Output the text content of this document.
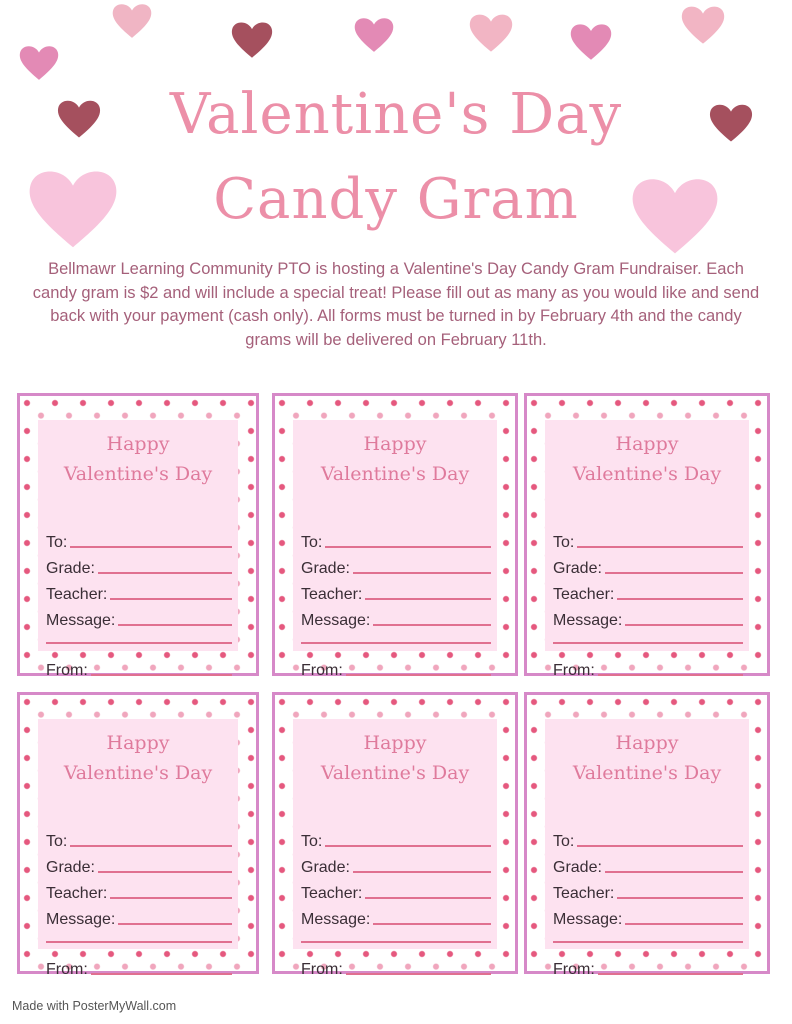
Valentine's Day
Candy Gram
Bellmawr Learning Community PTO is hosting a Valentine's Day Candy Gram Fundraiser. Each candy gram is $2 and will include a special treat! Please fill out as many as you would like and send back with your payment (cash only). All forms must be turned in by February 4th and the candy grams will be delivered on February 11th.
Happy
Valentine's Day
To:
Grade:
Teacher:
Message:
From:
Happy
Valentine's Day
To:
Grade:
Teacher:
Message:
From:
Happy
Valentine's Day
To:
Grade:
Teacher:
Message:
From:
Happy
Valentine's Day
To:
Grade:
Teacher:
Message:
From:
Happy
Valentine's Day
To:
Grade:
Teacher:
Message:
From:
Happy
Valentine's Day
To:
Grade:
Teacher:
Message:
From:
Made with PosterMyWall.com
